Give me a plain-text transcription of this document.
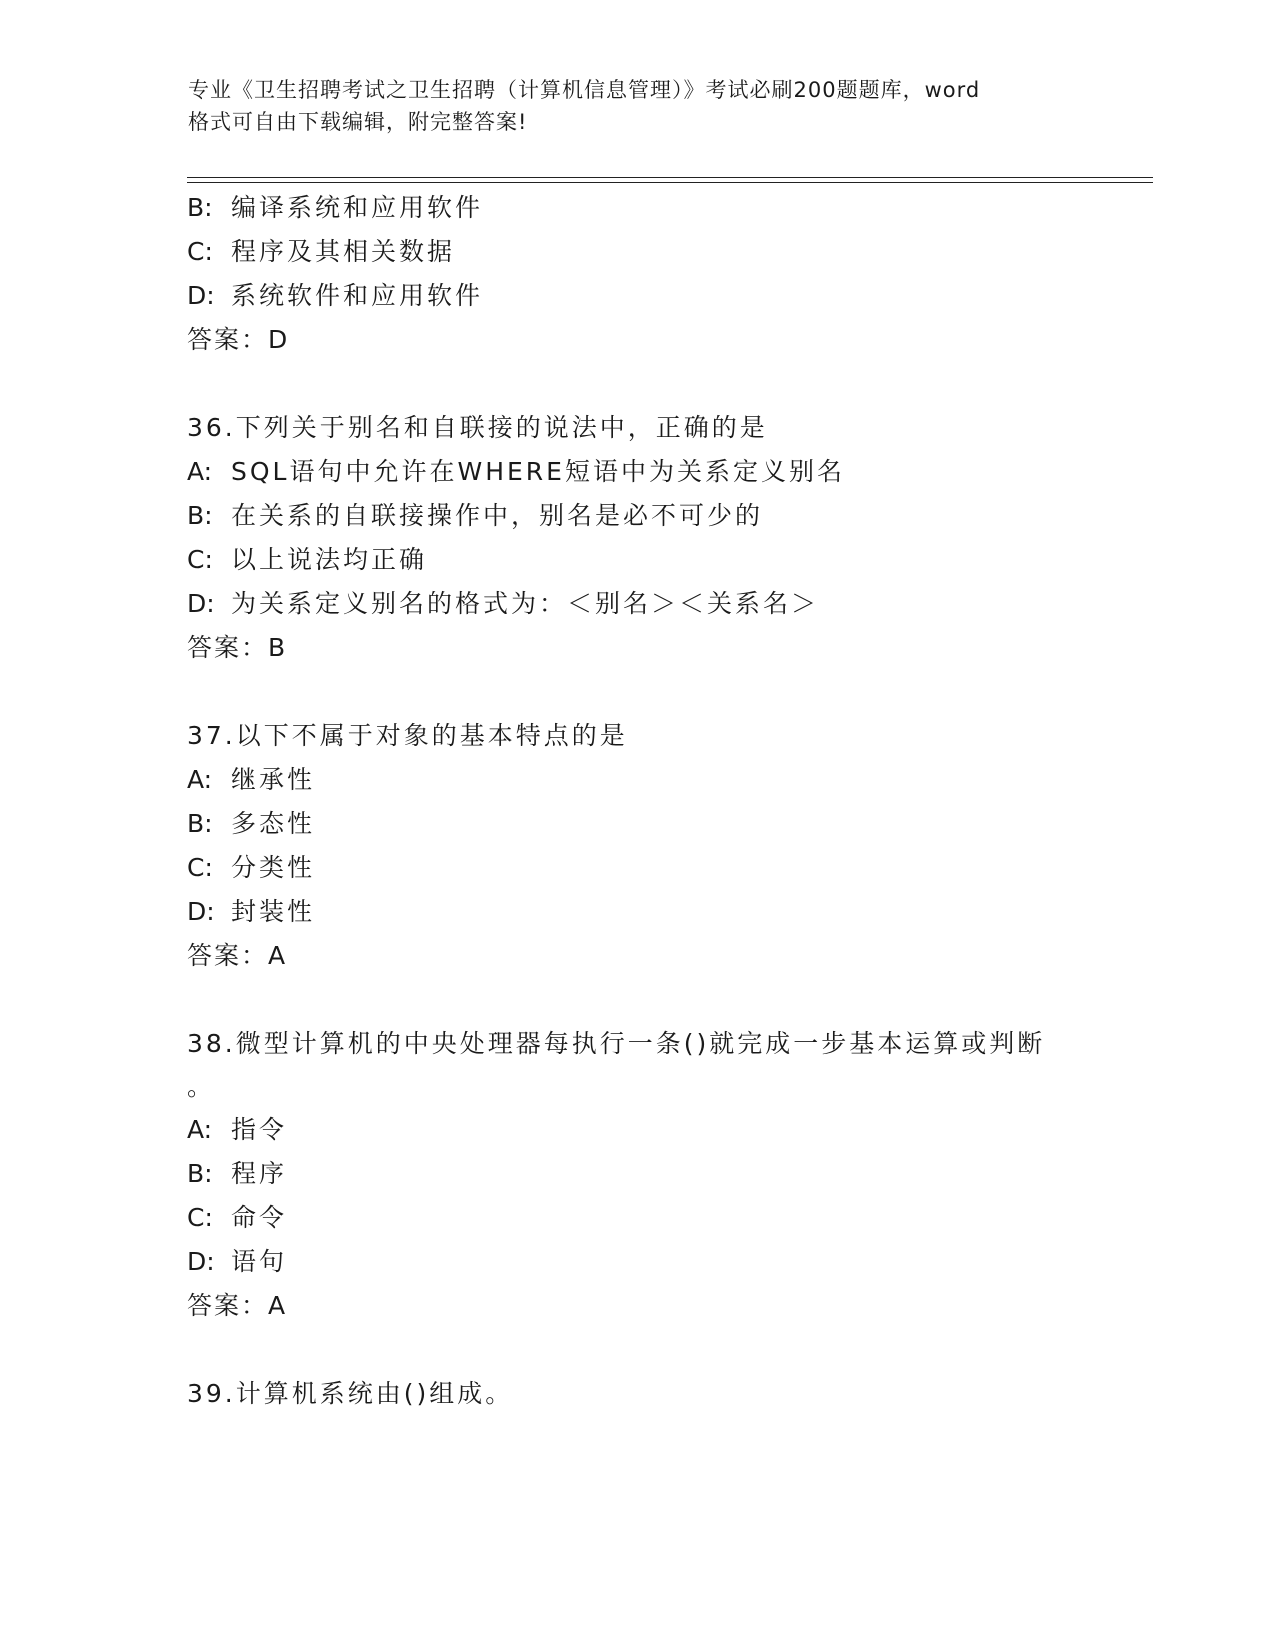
专业《卫生招聘考试之卫生招聘（计算机信息管理）》考试必刷200题题库，word
格式可自由下载编辑，附完整答案!
B: 编译系统和应用软件
C: 程序及其相关数据
D: 系统软件和应用软件
答案：D
36.下列关于别名和自联接的说法中，正确的是
A: SQL语句中允许在WHERE短语中为关系定义别名
B: 在关系的自联接操作中，别名是必不可少的
C: 以上说法均正确
D: 为关系定义别名的格式为：＜别名＞＜关系名＞
答案：B
37.以下不属于对象的基本特点的是
A: 继承性
B: 多态性
C: 分类性
D: 封装性
答案：A
38.微型计算机的中央处理器每执行一条()就完成一步基本运算或判断
。
A: 指令
B: 程序
C: 命令
D: 语句
答案：A
39.计算机系统由()组成。
